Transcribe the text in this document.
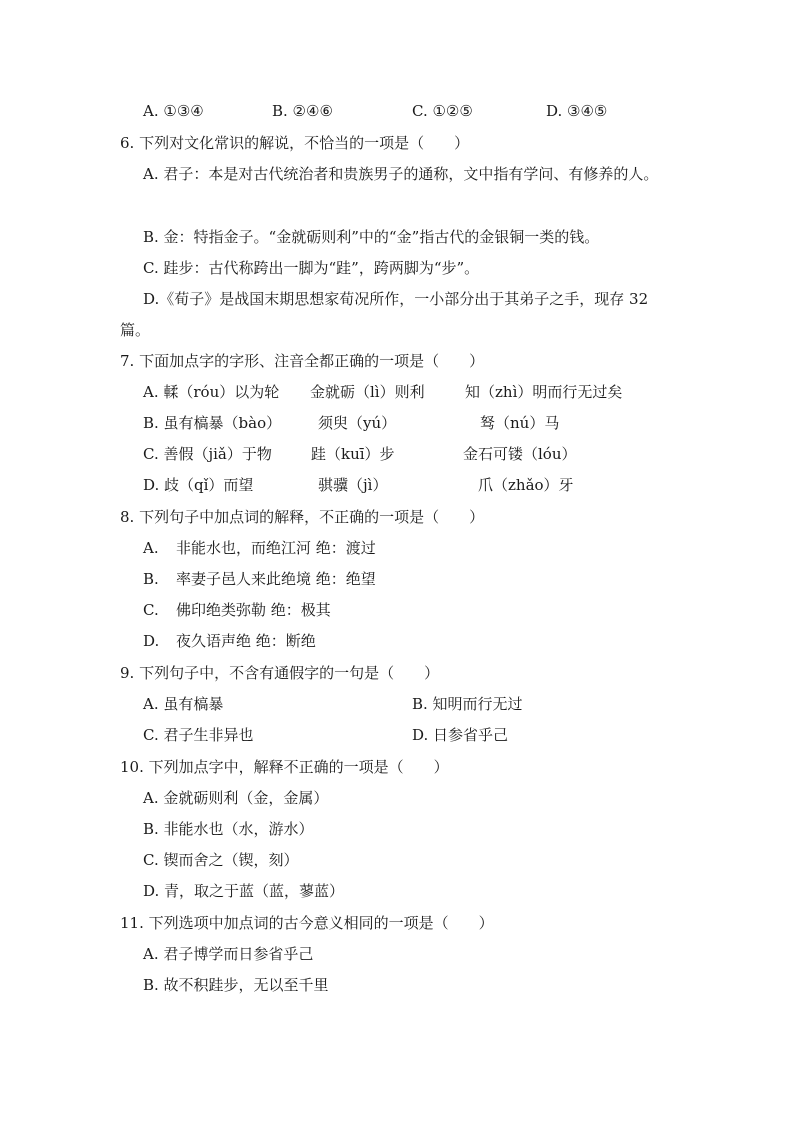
A. ①③④	B. ②④⑥	C. ①②⑤	D. ③④⑤
6. 下列对文化常识的解说，不恰当的一项是（　　）
A. 君子：本是对古代统治者和贵族男子的通称，文中指有学问、有修养的人。
B. 金：特指金子。“金就砺则利”中的“金”指古代的金银铜一类的钱。
C. 跬步：古代称跨出一脚为“跬”，跨两脚为“步”。
D.《荀子》是战国末期思想家荀况所作，一小部分出于其弟子之手，现存 32
篇。
7. 下面加点字的字形、注音全都正确的一项是（　　）
A. 輮（róu）以为轮 金就砺（lì）则利	知（zhì）明而行无过矣
B. 虽有槁暴（bào） 须臾（yú）	驽（nú）马
C. 善假（jiǎ）于物	跬（kuī）步	金石可镂（lóu）
D. 歧（qǐ）而望	骐骥（jì）	爪（zhǎo）牙
8. 下列句子中加点词的解释，不正确的一项是（　　）
A. 非能水也，而绝江河 绝：渡过
B. 率妻子邑人来此绝境 绝：绝望
C. 佛印绝类弥勒 绝：极其
D. 夜久语声绝 绝：断绝
9. 下列句子中，不含有通假字的一句是（　　）
A. 虽有槁暴	B. 知明而行无过
C. 君子生非异也	D. 日参省乎己
10. 下列加点字中，解释不正确的一项是（　　）
A. 金就砺则利（金，金属）
B. 非能水也（水，游水）
C. 锲而舍之（锲，刻）
D. 青，取之于蓝（蓝，蓼蓝）
11. 下列选项中加点词的古今意义相同的一项是（　　）
A. 君子博学而日参省乎己
B. 故不积跬步，无以至千里
